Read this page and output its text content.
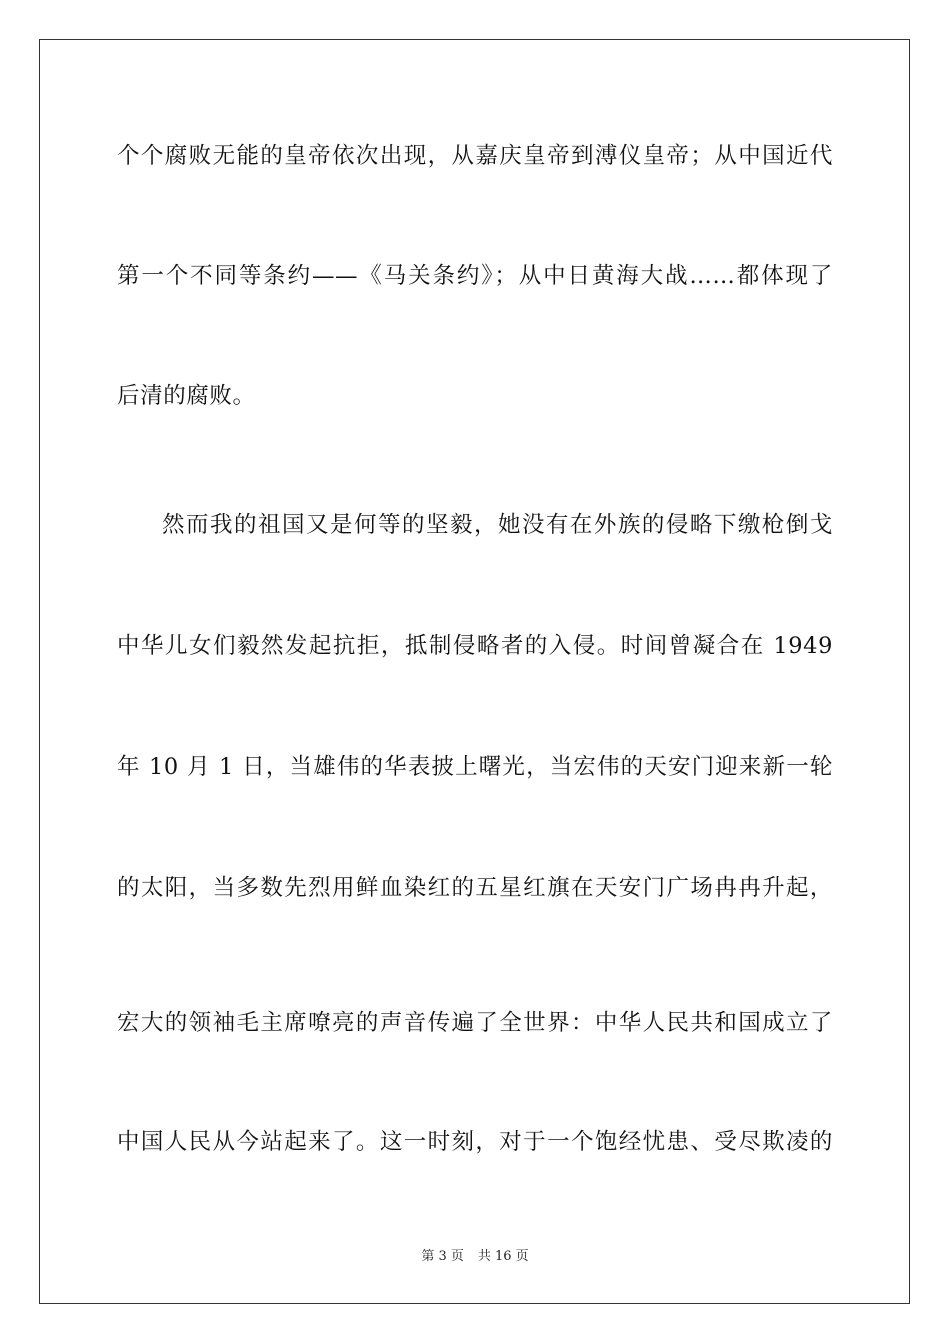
个个腐败无能的皇帝依次出现，从嘉庆皇帝到溥仪皇帝；从中国近代
第一个不同等条约——《马关条约》；从中日黄海大战……都体现了
后清的腐败。
然而我的祖国又是何等的坚毅，她没有在外族的侵略下缴枪倒戈
中华儿女们毅然发起抗拒，抵制侵略者的入侵。时间曾凝合在 1949
年 10 月 1 日，当雄伟的华表披上曙光，当宏伟的天安门迎来新一轮
的太阳，当多数先烈用鲜血染红的五星红旗在天安门广场冉冉升起，
宏大的领袖毛主席嘹亮的声音传遍了全世界：中华人民共和国成立了
中国人民从今站起来了。这一时刻，对于一个饱经忧患、受尽欺凌的
第 3 页 共 16 页
